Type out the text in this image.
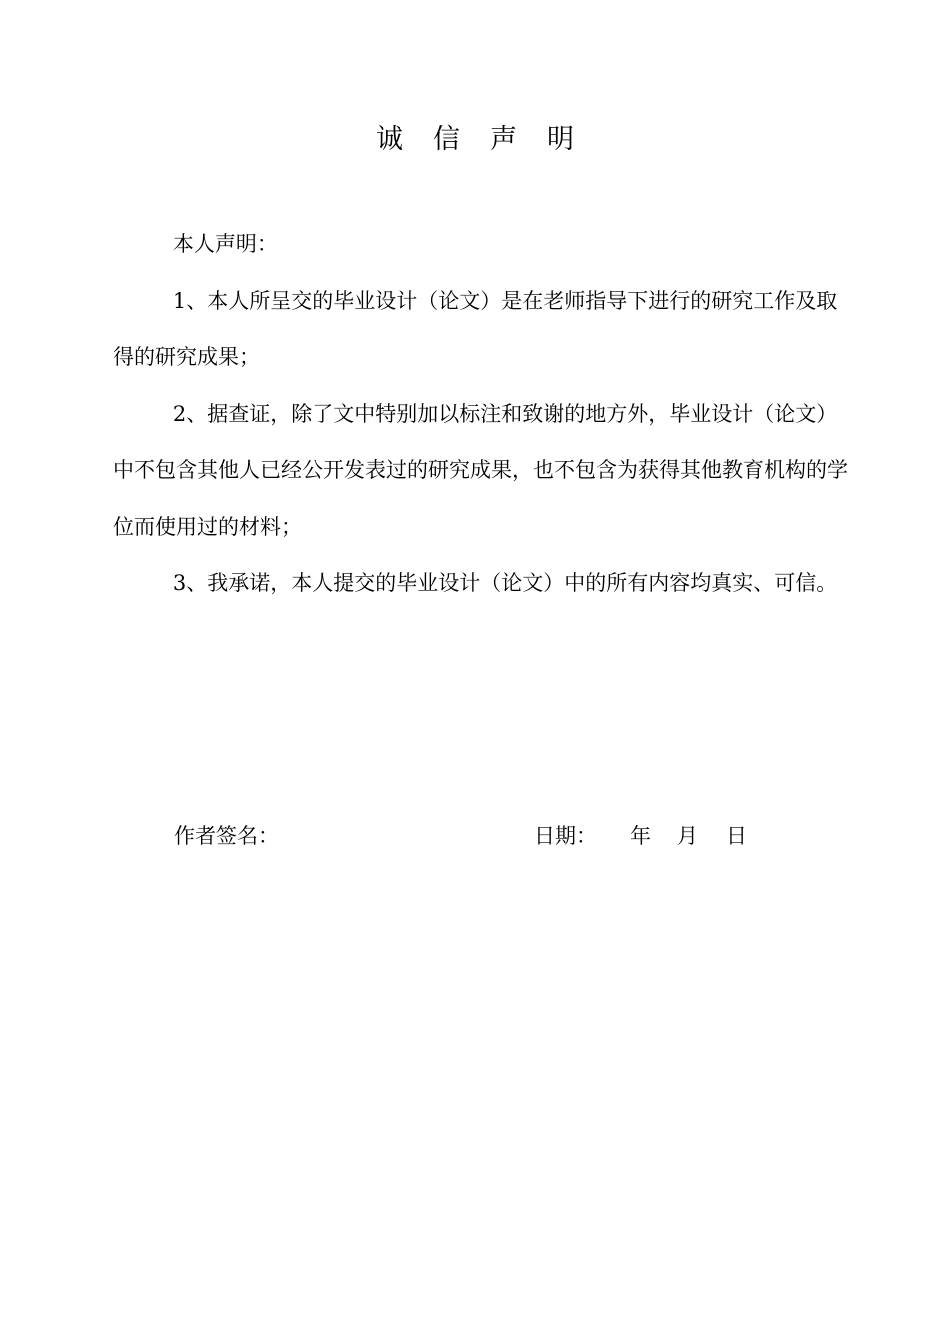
诚信声明

本人声明：

1、本人所呈交的毕业设计（论文）是在老师指导下进行的研究工作及取得的研究成果；

2、据查证，除了文中特别加以标注和致谢的地方外，毕业设计（论文）中不包含其他人已经公开发表过的研究成果，也不包含为获得其他教育机构的学位而使用过的材料；

3、我承诺，本人提交的毕业设计（论文）中的所有内容均真实、可信。

作者签名：	日期： 年 月 日
